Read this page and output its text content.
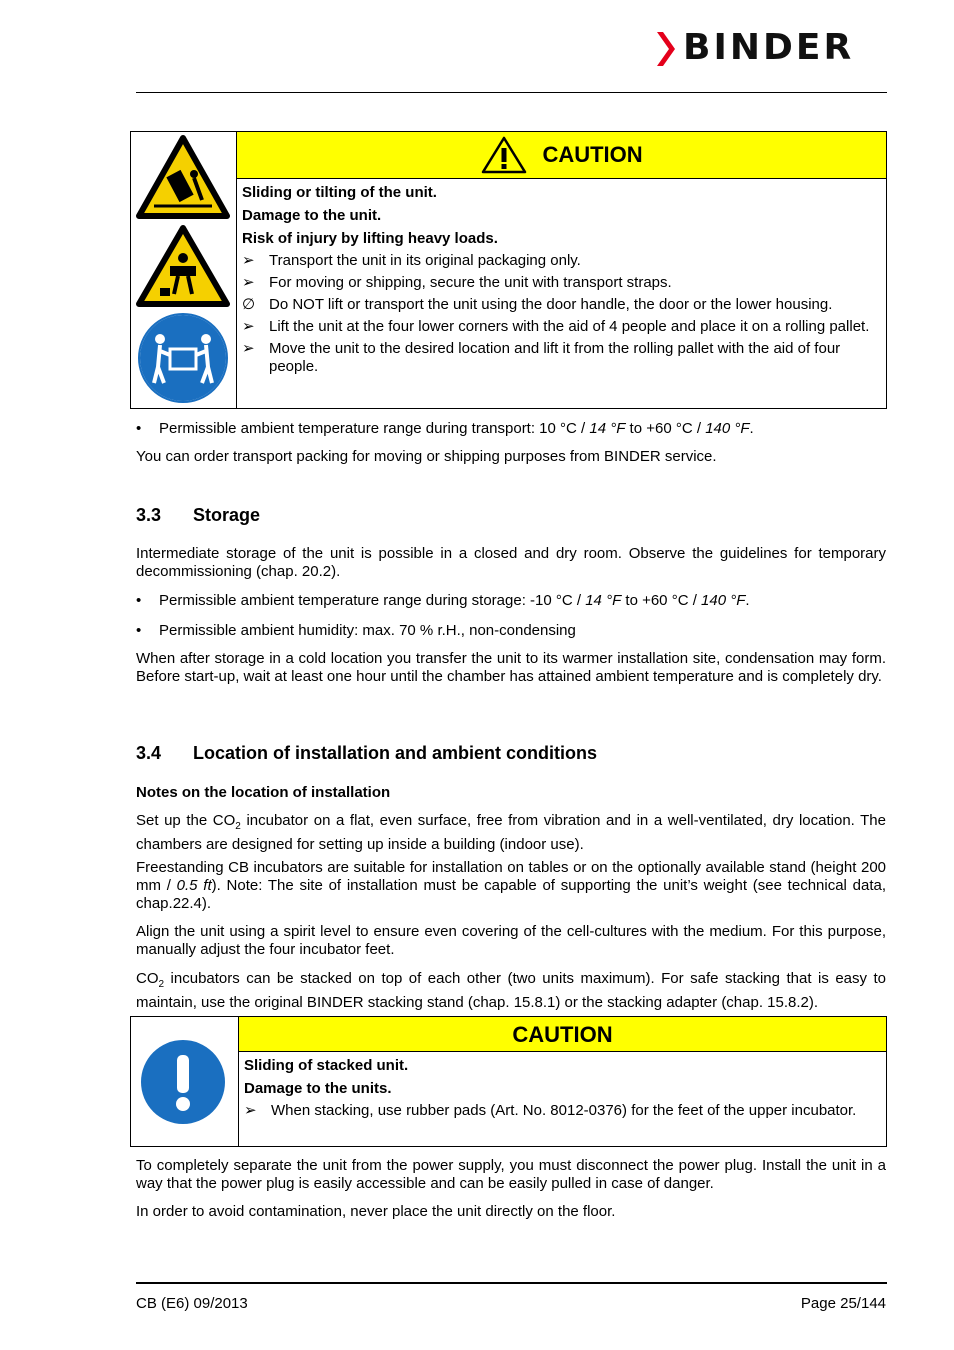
BINDER
	CAUTION

Sliding or tilting of the unit.
Damage to the unit.
Risk of injury by lifting heavy loads.
➢ Transport the unit in its original packaging only.
➢ For moving or shipping, secure the unit with transport straps.
∅ Do NOT lift or transport the unit using the door handle, the door or the lower housing.
➢ Lift the unit at the four lower corners with the aid of 4 people and place it on a rolling pallet.
➢ Move the unit to the desired location and lift it from the rolling pallet with the aid of four people.
• Permissible ambient temperature range during transport: 10 °C / 14 °F to +60 °C / 140 °F.

You can order transport packing for moving or shipping purposes from BINDER service.

3.3 Storage

Intermediate storage of the unit is possible in a closed and dry room. Observe the guidelines for temporary decommissioning (chap. 20.2).

• Permissible ambient temperature range during storage: -10 °C / 14 °F to +60 °C / 140 °F.
• Permissible ambient humidity: max. 70 % r.H., non-condensing

When after storage in a cold location you transfer the unit to its warmer installation site, condensation may form. Before start-up, wait at least one hour until the chamber has attained ambient temperature and is completely dry.

3.4 Location of installation and ambient conditions

Notes on the location of installation

Set up the $CO_2$ incubator on a flat, even surface, free from vibration and in a well-ventilated, dry location. The chambers are designed for setting up inside a building (indoor use).

Freestanding CB incubators are suitable for installation on tables or on the optionally available stand (height 200 mm / 0.5 ft). Note: The site of installation must be capable of supporting the unit’s weight (see technical data, chap.22.4).

Align the unit using a spirit level to ensure even covering of the cell-cultures with the medium. For this purpose, manually adjust the four incubator feet.

$CO_2$ incubators can be stacked on top of each other (two units maximum). For safe stacking that is easy to maintain, use the original BINDER stacking stand (chap. 15.8.1) or the stacking adapter (chap. 15.8.2).

	CAUTION

Sliding of stacked unit.
Damage to the units.
➢ When stacking, use rubber pads (Art. No. 8012-0376) for the feet of the upper incubator.

To completely separate the unit from the power supply, you must disconnect the power plug. Install the unit in a way that the power plug is easily accessible and can be easily pulled in case of danger.

In order to avoid contamination, never place the unit directly on the floor.

CB (E6) 09/2013	Page 25/144
